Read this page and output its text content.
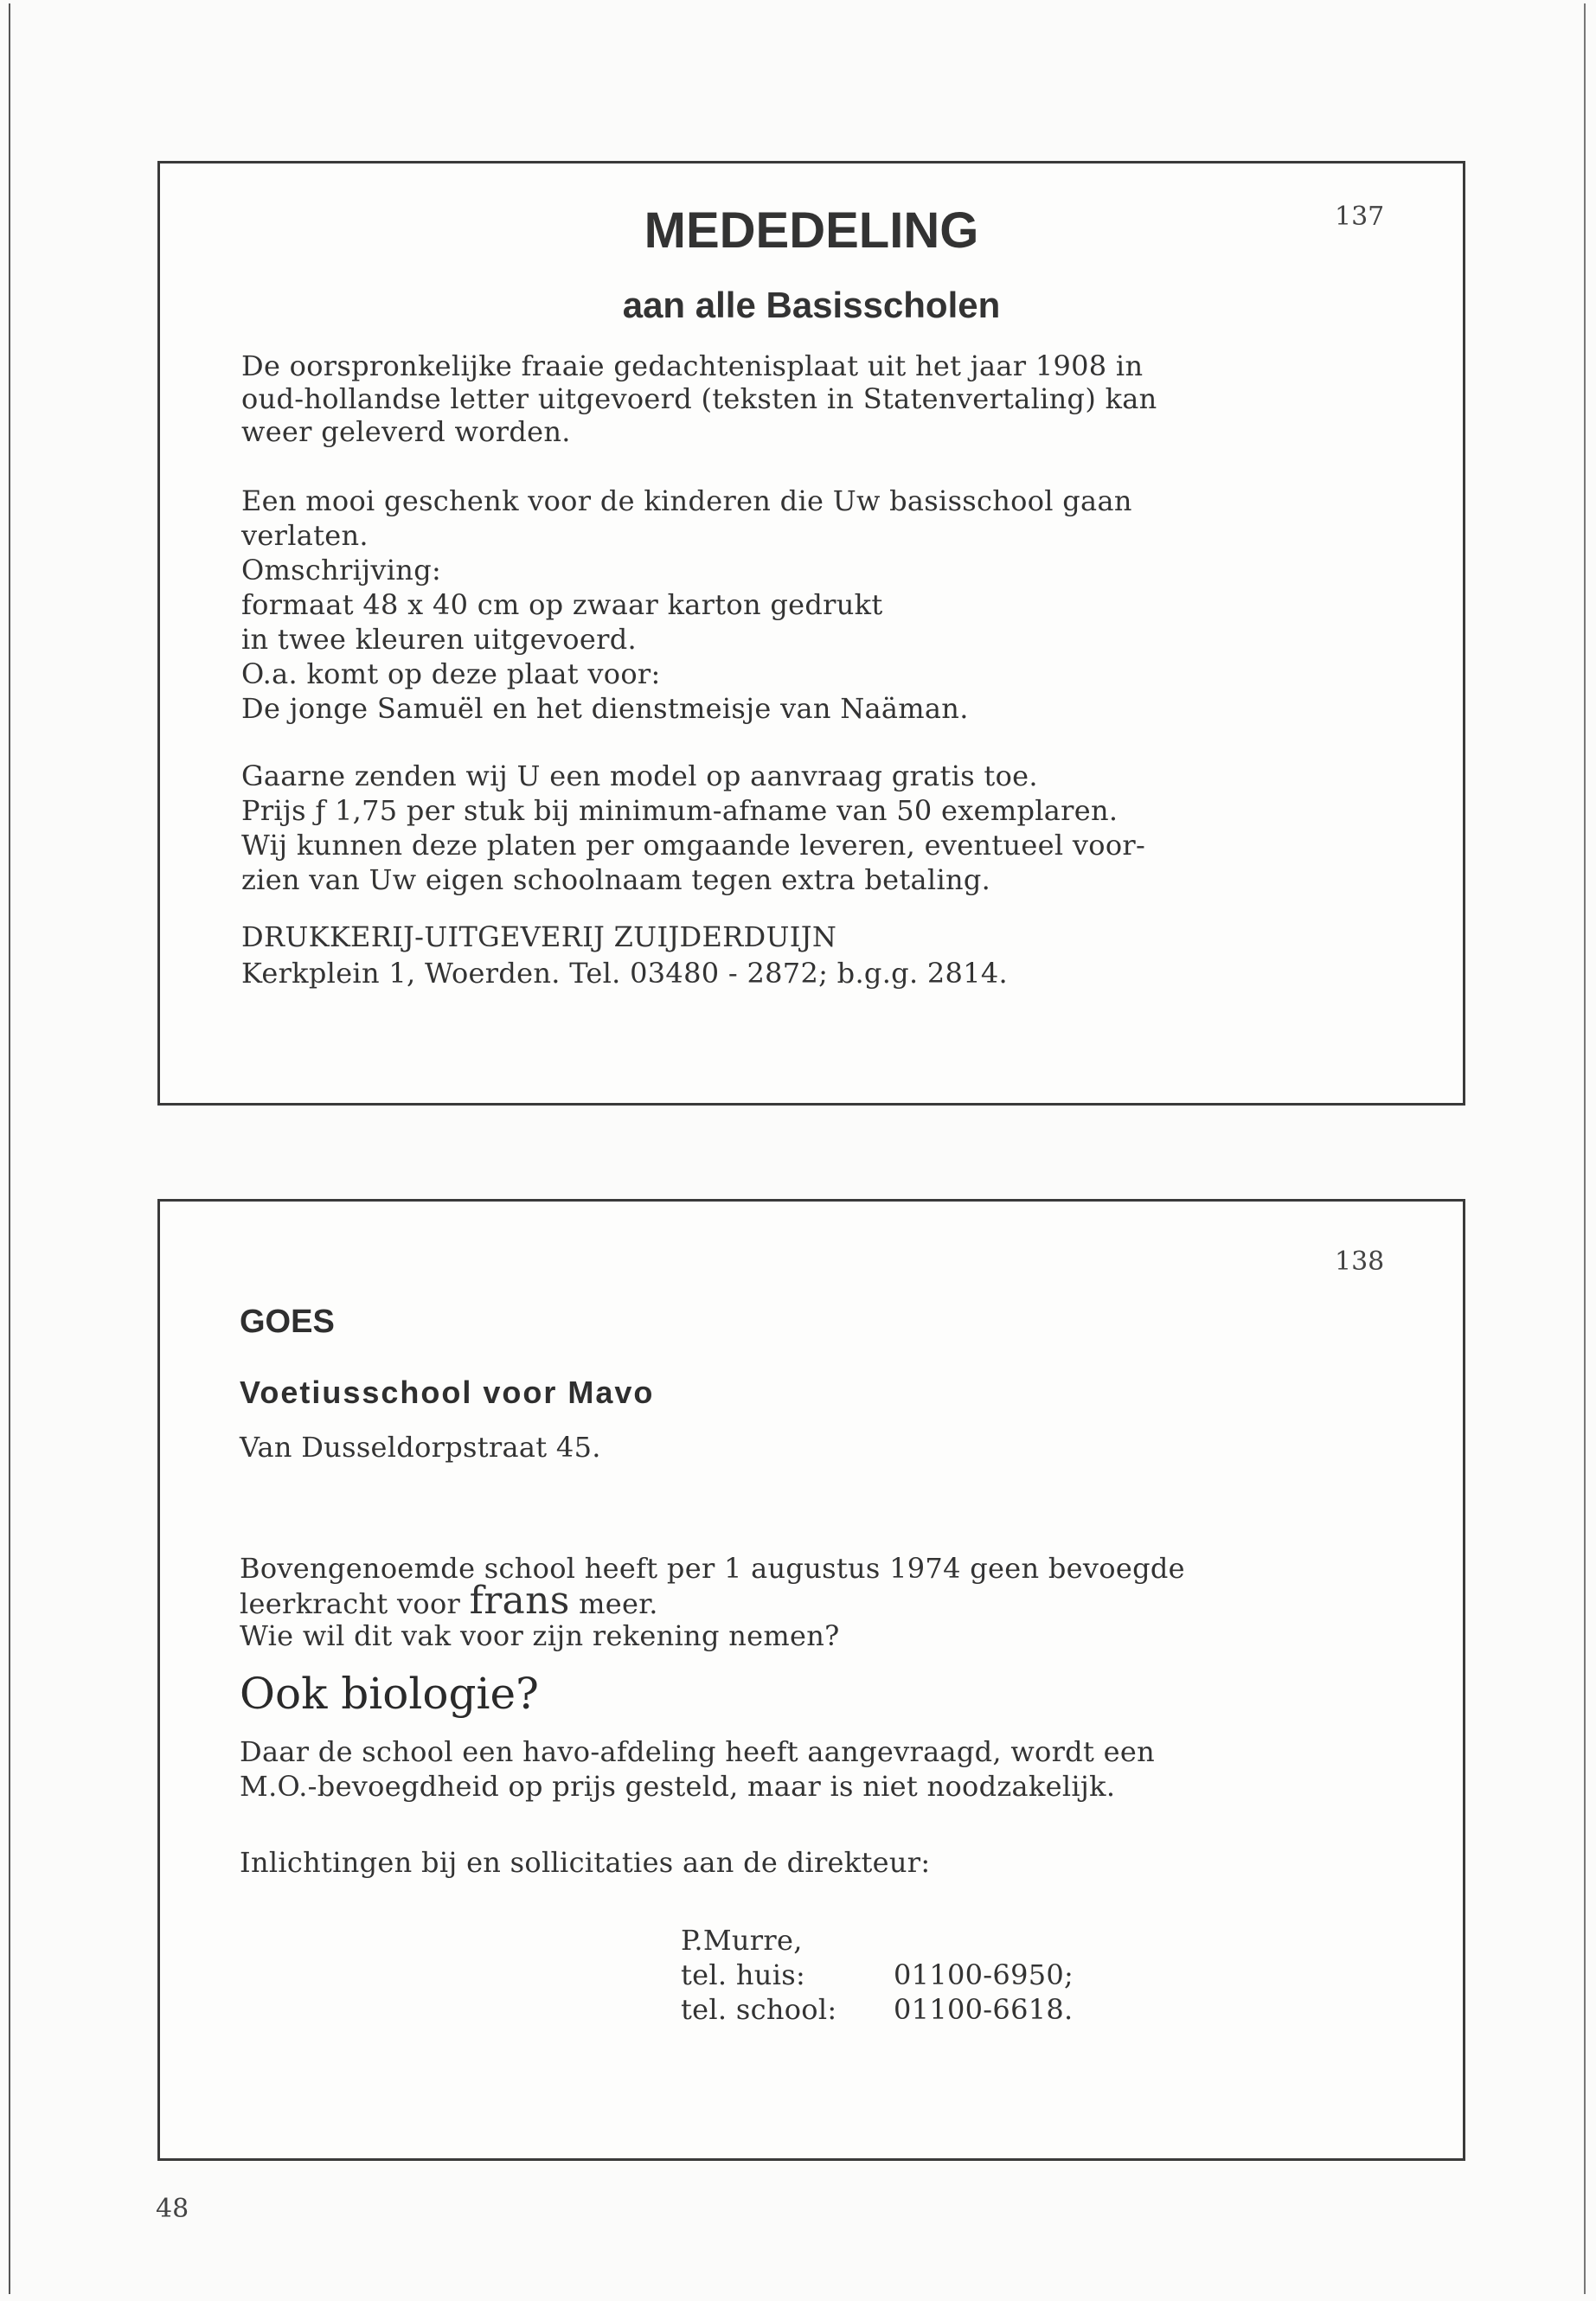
137
MEDEDELING
aan alle Basisscholen
De oorspronkelijke fraaie gedachtenisplaat uit het jaar 1908 in
oud-hollandse letter uitgevoerd (teksten in Statenvertaling) kan
weer geleverd worden.
Een mooi geschenk voor de kinderen die Uw basisschool gaan
verlaten.
Omschrijving:
formaat 48 x 40 cm op zwaar karton gedrukt
in twee kleuren uitgevoerd.
O.a. komt op deze plaat voor:
De jonge Samuël en het dienstmeisje van Naäman.
Gaarne zenden wij U een model op aanvraag gratis toe.
Prijs ƒ 1,75 per stuk bij minimum-afname van 50 exemplaren.
Wij kunnen deze platen per omgaande leveren, eventueel voor-
zien van Uw eigen schoolnaam tegen extra betaling.
DRUKKERIJ-UITGEVERIJ ZUIJDERDUIJN
Kerkplein 1, Woerden. Tel. 03480 - 2872; b.g.g. 2814.
138
GOES
Voetiusschool voor Mavo
Van Dusseldorpstraat 45.
Bovengenoemde school heeft per 1 augustus 1974 geen bevoegde
leerkracht voor frans meer.
Wie wil dit vak voor zijn rekening nemen?
Ook biologie?
Daar de school een havo-afdeling heeft aangevraagd, wordt een
M.O.-bevoegdheid op prijs gesteld, maar is niet noodzakelijk.
Inlichtingen bij en sollicitaties aan de direkteur:
P.Murre,
tel. huis:	01100-6950;
tel. school: 01100-6618.
48
